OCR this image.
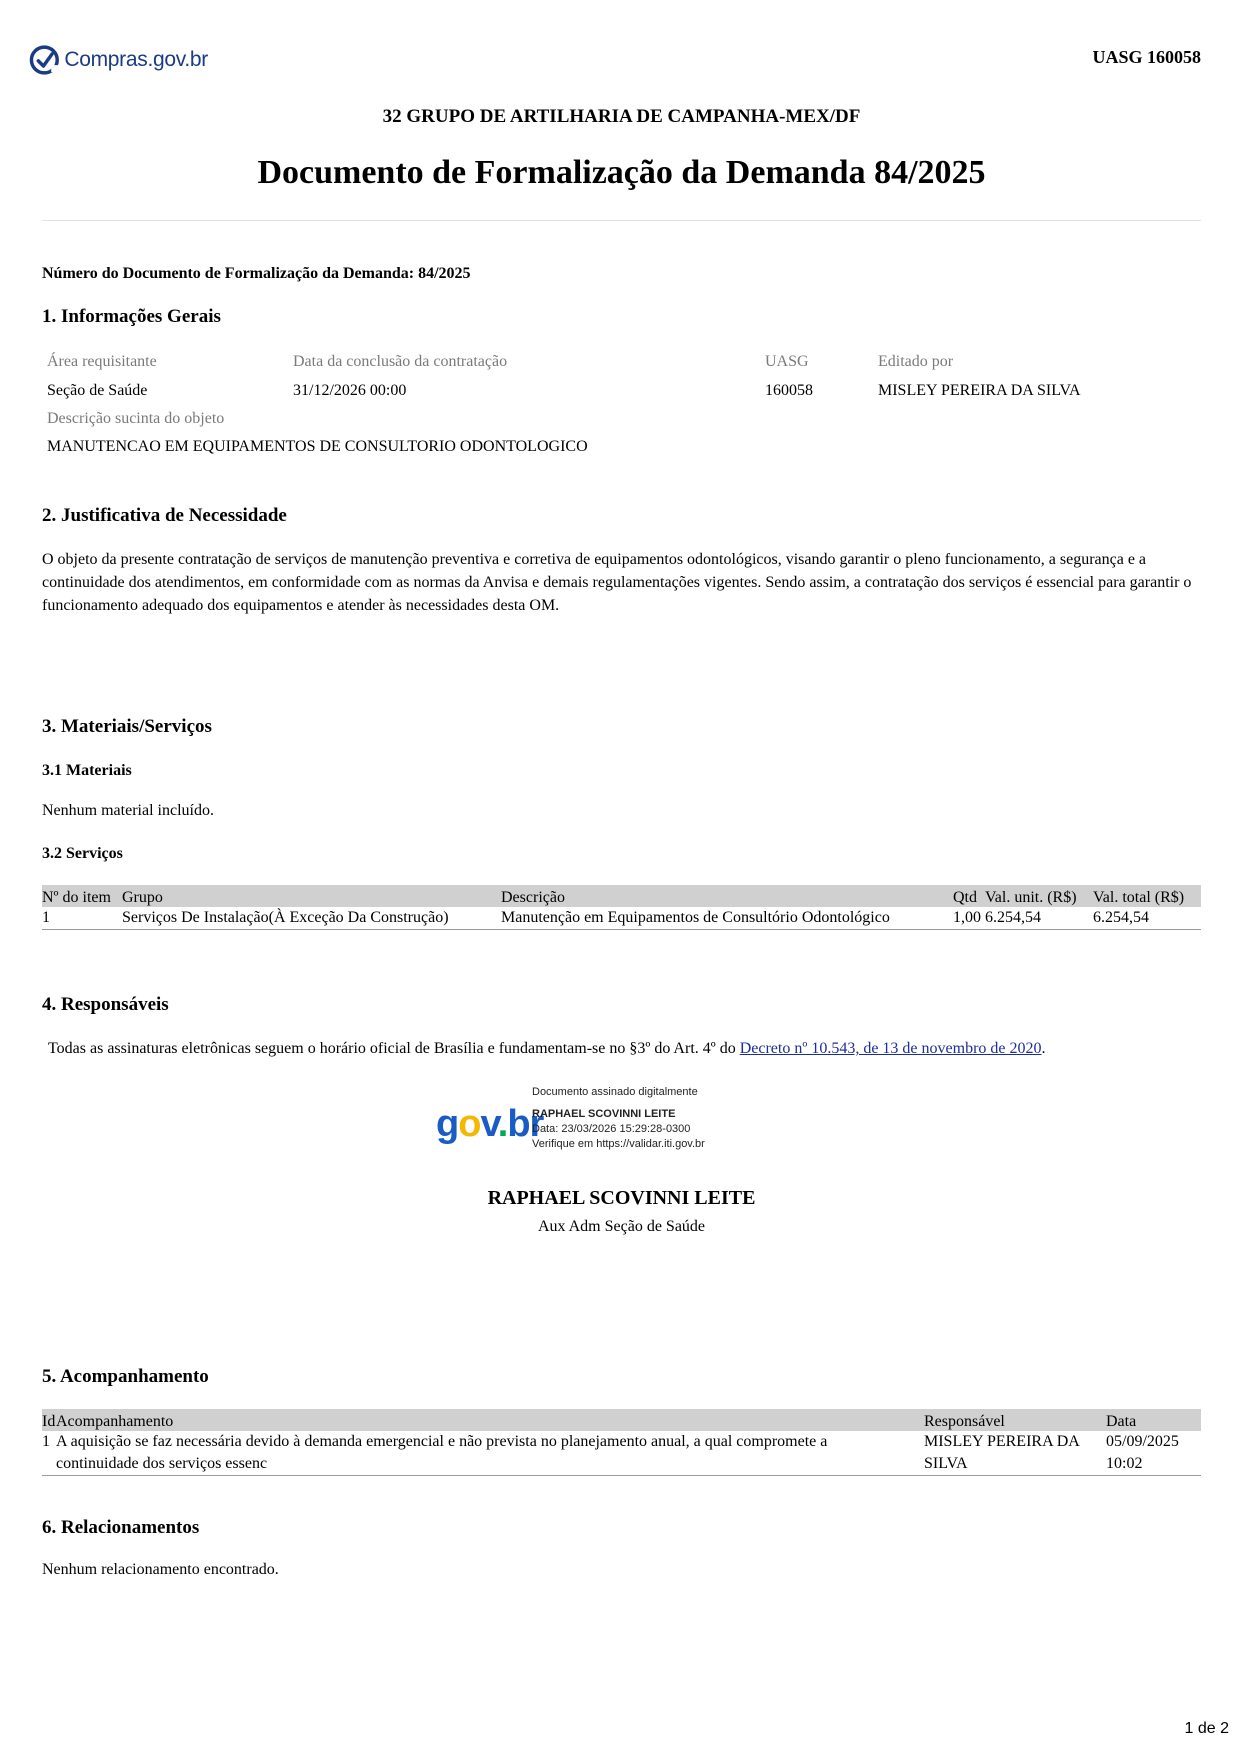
Compras.gov.br	UASG 160058
32 GRUPO DE ARTILHARIA DE CAMPANHA-MEX/DF
Documento de Formalização da Demanda 84/2025
Número do Documento de Formalização da Demanda: 84/2025
1. Informações Gerais
Área requisitante
Seção de Saúde
Data da conclusão da contratação
31/12/2026 00:00
UASG
160058
Editado por
MISLEY PEREIRA DA SILVA
Descrição sucinta do objeto
MANUTENCAO EM EQUIPAMENTOS DE CONSULTORIO ODONTOLOGICO
2. Justificativa de Necessidade

O objeto da presente contratação de serviços de manutenção preventiva e corretiva de equipamentos odontológicos, visando garantir o pleno funcionamento, a segurança e a continuidade dos atendimentos, em conformidade com as normas da Anvisa e demais regulamentações vigentes. Sendo assim, a contratação dos serviços é essencial para garantir o funcionamento adequado dos equipamentos e atender às necessidades desta OM.

3. Materiais/Serviços
3.1 Materiais
Nenhum material incluído.
3.2 Serviços
Nº do item	Grupo	Descrição	Qtd	Val. unit. (R$)	Val. total (R$)
1	Serviços De Instalação(À Exceção Da Construção)	Manutenção em Equipamentos de Consultório Odontológico	1,00	6.254,54	6.254,54
4. Responsáveis
Todas as assinaturas eletrônicas seguem o horário oficial de Brasília e fundamentam-se no §3º do Art. 4º do Decreto nº 10.543, de 13 de novembro de 2020.
gov.br
Documento assinado digitalmente
RAPHAEL SCOVINNI LEITE
Data: 23/03/2026 15:29:28-0300
Verifique em https://validar.iti.gov.br
RAPHAEL SCOVINNI LEITE
Aux Adm Seção de Saúde
5. Acompanhamento
Id	Acompanhamento	Responsável	Data
1	A aquisição se faz necessária devido à demanda emergencial e não prevista no planejamento anual, a qual compromete a continuidade dos serviços essenc	MISLEY PEREIRA DA SILVA	05/09/2025 10:02
6. Relacionamentos
Nenhum relacionamento encontrado.
1 de 2
